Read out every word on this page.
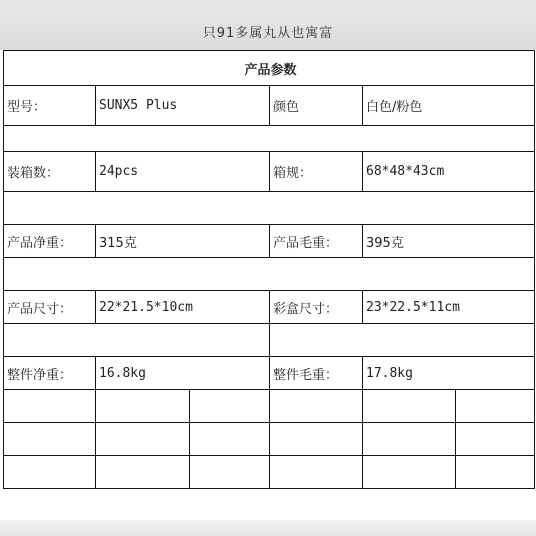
只91多属丸从也寓富
产品参数					
型号：	SUNX5 Plus		颜色	白色/粉色	

装箱数：	24pcs		箱规：	68*48*43cm	

产品净重：	315克		产品毛重：	395克	

产品尺寸：	22*21.5*10cm		彩盒尺寸：	23*22.5*11cm	

整件净重：	16.8kg		整件毛重：	17.8kg	
